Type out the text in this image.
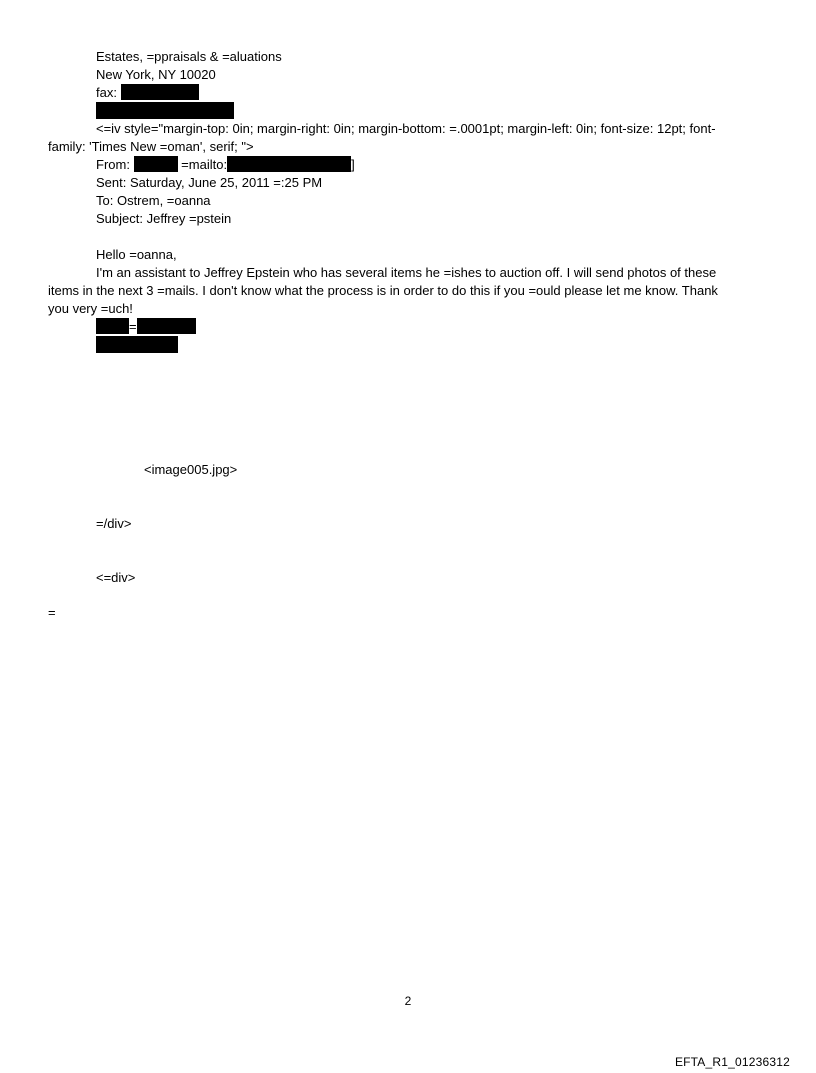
Estates, =ppraisals & =aluations
New York, NY 10020
fax:
<=iv style="margin-top: 0in; margin-right: 0in; margin-bottom: =.0001pt; margin-left: 0in; font-size: 12pt; font-
family: 'Times New =oman', serif; ">
From:	=mailto:	]
Sent: Saturday, June 25, 2011 =:25 PM
To: Ostrem, =oanna
Subject: Jeffrey =pstein
Hello =oanna,
I'm an assistant to Jeffrey Epstein who has several items he =ishes to auction off. I will send photos of these
items in the next 3 =mails. I don't know what the process is in order to do this if you =ould please let me know. Thank
you very =uch!
=
<image005.jpg>
=/div>
<=div>
=
2
EFTA_R1_01236312
